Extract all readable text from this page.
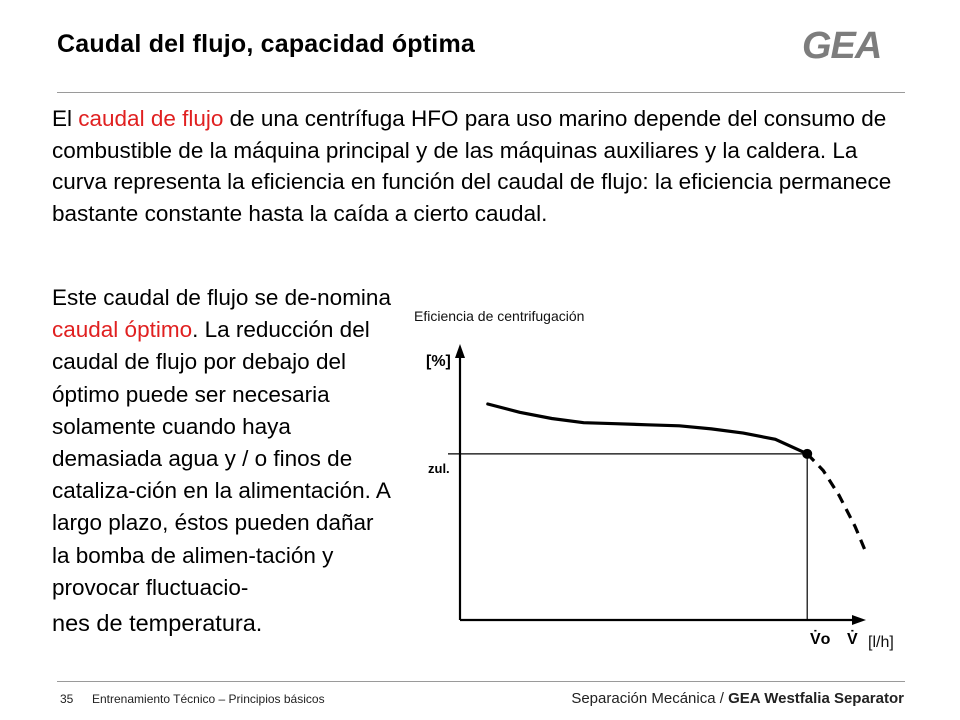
Caudal del flujo, capacidad óptima	GEA
El caudal de flujo de una centrífuga HFO para uso marino depende del consumo de combustible de la máquina principal y de las máquinas auxiliares y la caldera. La curva representa la eficiencia en función del caudal de flujo: la eficiencia permanece bastante constante hasta la caída a cierto caudal.
Este caudal de flujo se de-nomina caudal óptimo. La reducción del caudal de flujo por debajo del óptimo puede ser necesaria solamente cuando haya demasiada agua y / o finos de cataliza-ción en la alimentación. A largo plazo, éstos pueden dañar la bomba de alimen-tación y provocar fluctuacio-
nes de temperatura.
Eficiencia de centrifugación
[%]
zul.
V̇o V̇ [l/h]
35 Entrenamiento Técnico – Principios básicos	Separación Mecánica / GEA Westfalia Separator
